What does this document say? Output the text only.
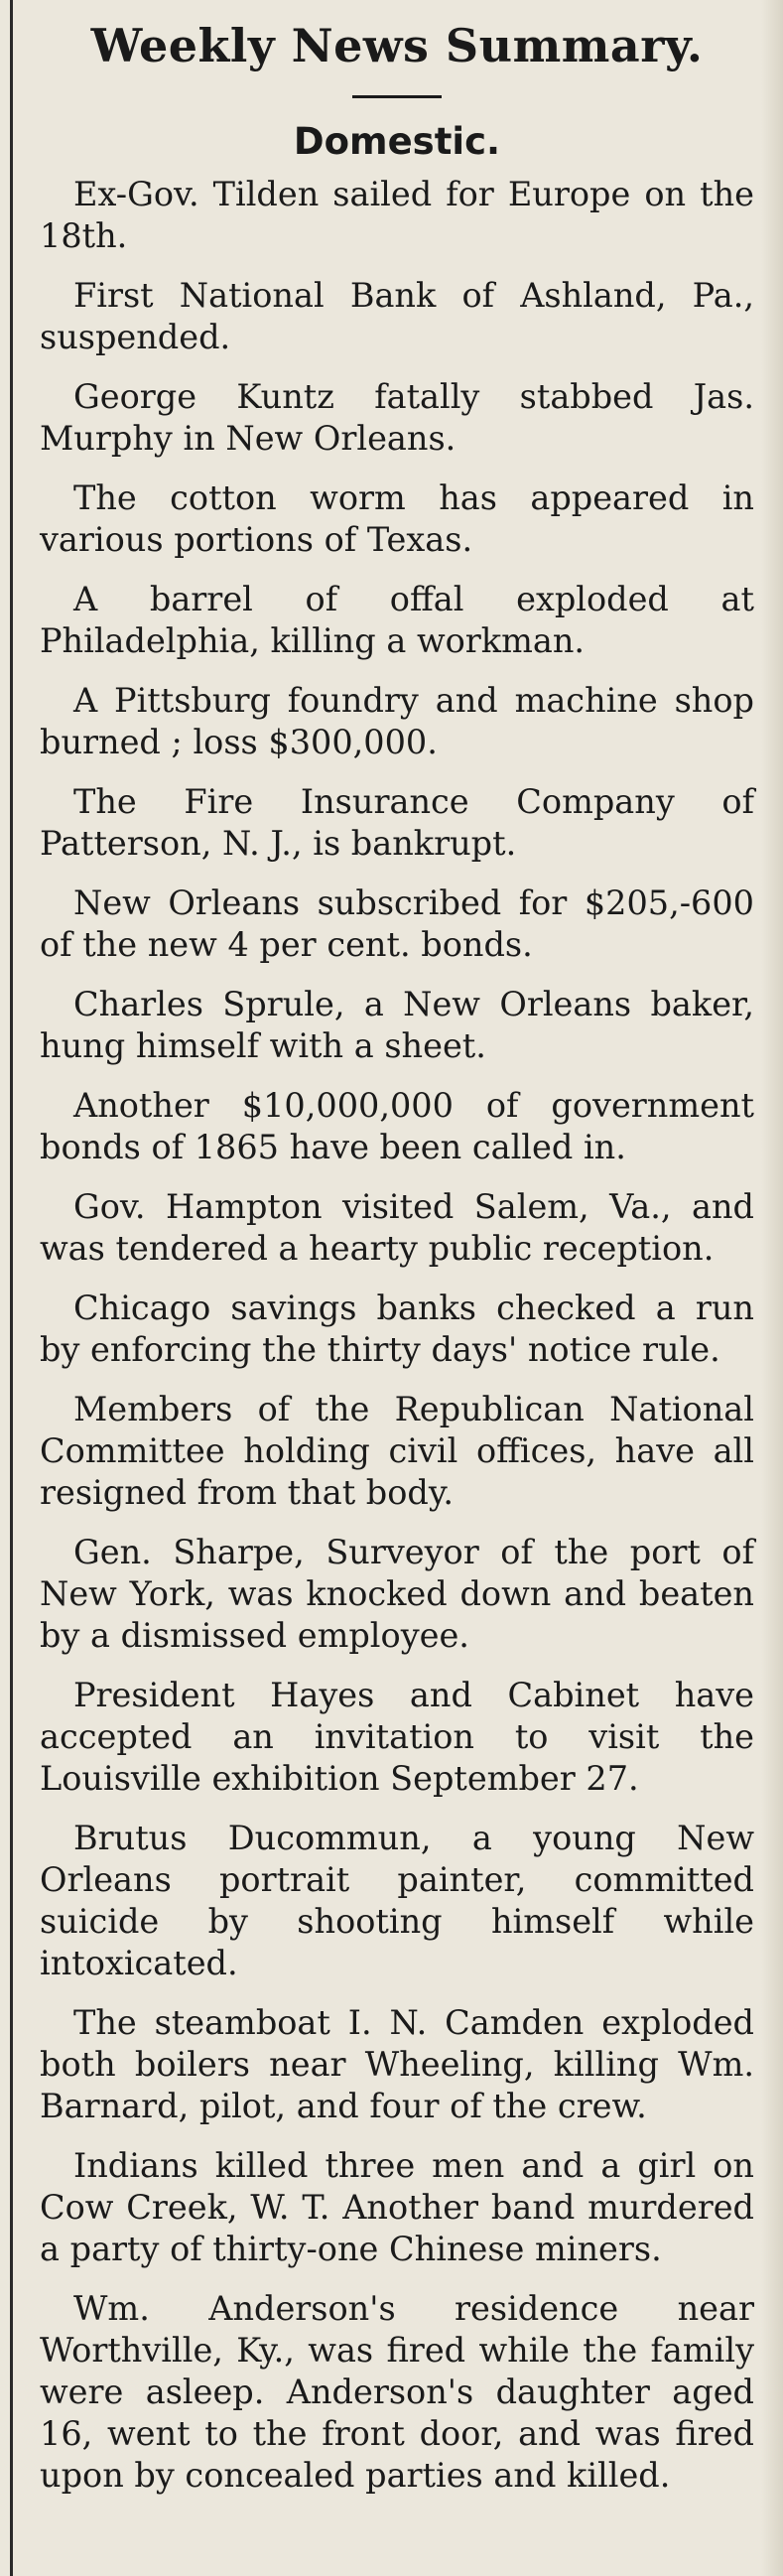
Weekly News Summary.
Domestic.

Ex-Gov. Tilden sailed for Europe on the 18th.

First National Bank of Ashland, Pa., suspended.

George Kuntz fatally stabbed Jas. Murphy in New Orleans.

The cotton worm has appeared in various portions of Texas.

A barrel of offal exploded at Philadelphia, killing a workman.

A Pittsburg foundry and machine shop burned ; loss $300,000.

The Fire Insurance Company of Patterson, N. J., is bankrupt.

New Orleans subscribed for $205,-600 of the new 4 per cent. bonds.

Charles Sprule, a New Orleans baker, hung himself with a sheet.

Another $10,000,000 of government bonds of 1865 have been called in.

Gov. Hampton visited Salem, Va., and was tendered a hearty public reception.

Chicago savings banks checked a run by enforcing the thirty days' notice rule.

Members of the Republican National Committee holding civil offices, have all resigned from that body.

Gen. Sharpe, Surveyor of the port of New York, was knocked down and beaten by a dismissed employee.

President Hayes and Cabinet have accepted an invitation to visit the Louisville exhibition September 27.

Brutus Ducommun, a young New Orleans portrait painter, committed suicide by shooting himself while intoxicated.

The steamboat I. N. Camden exploded both boilers near Wheeling, killing Wm. Barnard, pilot, and four of the crew.

Indians killed three men and a girl on Cow Creek, W. T. Another band murdered a party of thirty-one Chinese miners.

Wm. Anderson's residence near Worthville, Ky., was fired while the family were asleep. Anderson's daughter aged 16, went to the front door, and was fired upon by concealed parties and killed.
